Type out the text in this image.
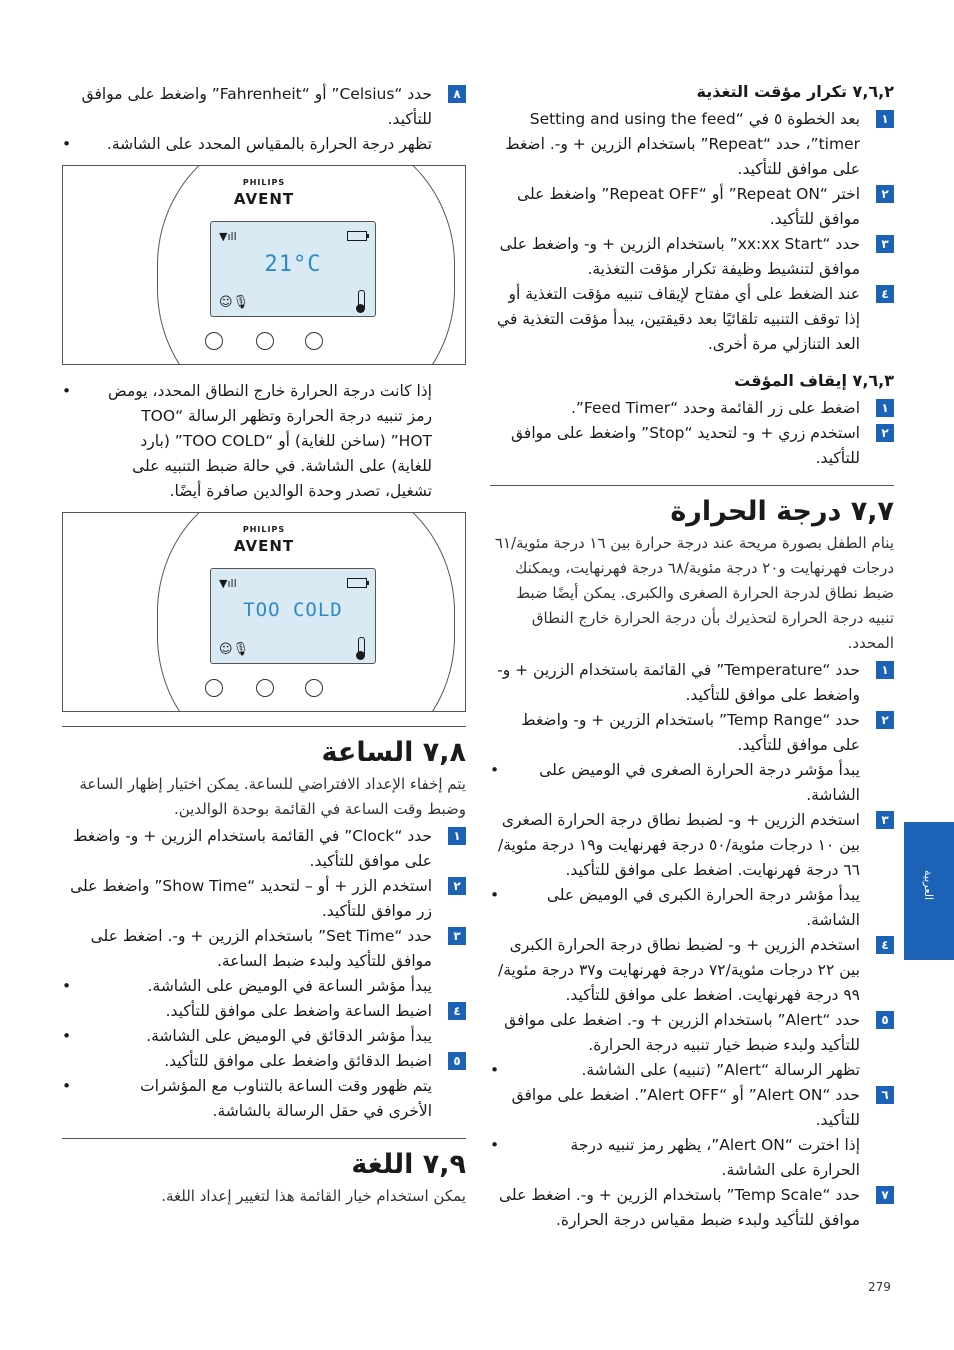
٧,٦,٢ تكرار مؤقت التغذية

١
بعد الخطوة ٥ في “Setting and using the feed timer”، حدد “Repeat” باستخدام الزرين + و-. اضغط على موافق للتأكيد.

٢
اختر “Repeat ON” أو “Repeat OFF” واضغط على موافق للتأكيد.

٣
حدد “xx:xx Start” باستخدام الزرين + و- واضغط على موافق لتنشيط وظيفة تكرار مؤقت التغذية.

٤
عند الضغط على أي مفتاح لإيقاف تنبيه مؤقت التغذية أو إذا توقف التنبيه تلقائيًا بعد دقيقتين، يبدأ مؤقت التغذية في العد التنازلي مرة أخرى.

٧,٦,٣ إيقاف المؤقت

١
اضغط على زر القائمة وحدد “Feed Timer”.

٢
استخدم زري + و- لتحديد “Stop” واضغط على موافق للتأكيد.

٧,٧ درجة الحرارة

ينام الطفل بصورة مريحة عند درجة حرارة بين ١٦ درجة مئوية/٦١ درجات فهرنهايت و٢٠ درجة مئوية/٦٨ درجة فهرنهايت، ويمكنك ضبط نطاق لدرجة الحرارة الصغرى والكبرى. يمكن أيضًا ضبط تنبيه درجة الحرارة لتحذيرك بأن درجة الحرارة خارج النطاق المحدد.

١
حدد “Temperature” في القائمة باستخدام الزرين + و- واضغط على موافق للتأكيد.

٢
حدد “Temp Range” باستخدام الزرين + و- واضغط على موافق للتأكيد.

• يبدأ مؤشر درجة الحرارة الصغرى في الوميض على الشاشة.

٣
استخدم الزرين + و- لضبط نطاق درجة الحرارة الصغرى بين ١٠ درجات مئوية/٥٠ درجة فهرنهايت و١٩ درجة مئوية/٦٦ درجة فهرنهايت. اضغط على موافق للتأكيد.

• يبدأ مؤشر درجة الحرارة الكبرى في الوميض على الشاشة.

٤
استخدم الزرين + و- لضبط نطاق درجة الحرارة الكبرى بين ٢٢ درجات مئوية/٧٢ درجة فهرنهايت و٣٧ درجة مئوية/٩٩ درجة فهرنهايت. اضغط على موافق للتأكيد.

٥
حدد “Alert” باستخدام الزرين + و-. اضغط على موافق للتأكيد ولبدء ضبط خيار تنبيه درجة الحرارة.

• تظهر الرسالة “Alert” (تنبيه) على الشاشة.

٦
حدد “Alert ON” أو “Alert OFF”. اضغط على موافق للتأكيد.

• إذا اخترت “Alert ON”، يظهر رمز تنبيه درجة الحرارة على الشاشة.

٧
حدد “Temp Scale” باستخدام الزرين + و-. اضغط على موافق للتأكيد ولبدء ضبط مقياس درجة الحرارة.

٨
حدد “Celsius” أو “Fahrenheit” واضغط على موافق للتأكيد.

• تظهر درجة الحرارة بالمقياس المحدد على الشاشة.

PHILIPS
AVENT
▼ıll
21°C
☺🎙

• إذا كانت درجة الحرارة خارج النطاق المحدد، يومض رمز تنبيه درجة الحرارة وتظهر الرسالة “TOO HOT” (ساخن للغاية) أو “TOO COLD” (بارد للغاية) على الشاشة. في حالة ضبط التنبيه على تشغيل، تصدر وحدة الوالدين صافرة أيضًا.

PHILIPS
AVENT
▼ıll
TOO COLD
☺🎙
٧,٨ الساعة

يتم إخفاء الإعداد الافتراضي للساعة. يمكن اختيار إظهار الساعة وضبط وقت الساعة في القائمة بوحدة الوالدين.

١
حدد “Clock” في القائمة باستخدام الزرين + و- واضغط على موافق للتأكيد.

٢
استخدم الزر + أو – لتحديد “Show Time” واضغط على زر موافق للتأكيد.

٣
حدد “Set Time” باستخدام الزرين + و-. اضغط على موافق للتأكيد ولبدء ضبط الساعة.

• يبدأ مؤشر الساعة في الوميض على الشاشة.

٤
اضبط الساعة واضغط على موافق للتأكيد.

• يبدأ مؤشر الدقائق في الوميض على الشاشة.

٥
اضبط الدقائق واضغط على موافق للتأكيد.

• يتم ظهور وقت الساعة بالتناوب مع المؤشرات الأخرى في حقل الرسالة بالشاشة.

٧,٩ اللغة

يمكن استخدام خيار القائمة هذا لتغيير إعداد اللغة.

العربية
279
